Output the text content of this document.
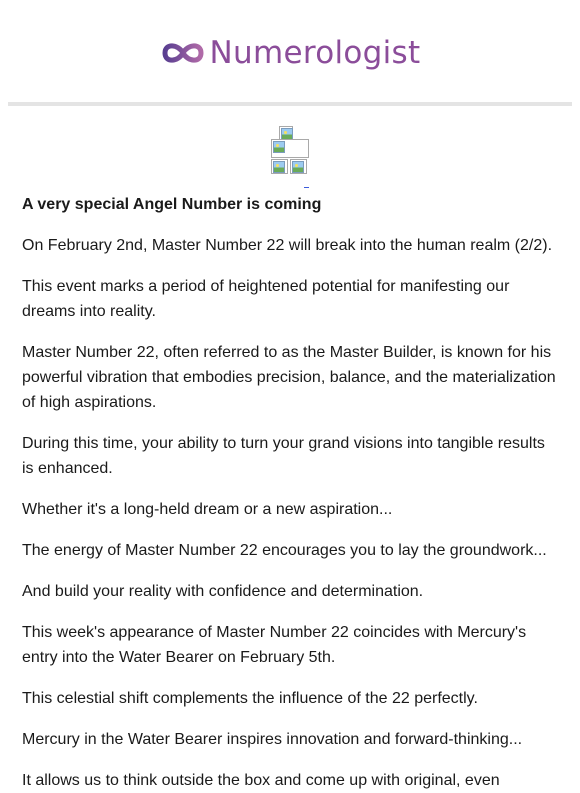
Numerologist

A very special Angel Number is coming

On February 2nd, Master Number 22 will break into the human realm (2/2).

This event marks a period of heightened potential for manifesting our dreams into reality.

Master Number 22, often referred to as the Master Builder, is known for his powerful vibration that embodies precision, balance, and the materialization of high aspirations.

During this time, your ability to turn your grand visions into tangible results is enhanced.

Whether it's a long-held dream or a new aspiration...

The energy of Master Number 22 encourages you to lay the groundwork...

And build your reality with confidence and determination.

This week's appearance of Master Number 22 coincides with Mercury's entry into the Water Bearer on February 5th.

This celestial shift complements the influence of the 22 perfectly.

Mercury in the Water Bearer inspires innovation and forward-thinking...

It allows us to think outside the box and come up with original, even
